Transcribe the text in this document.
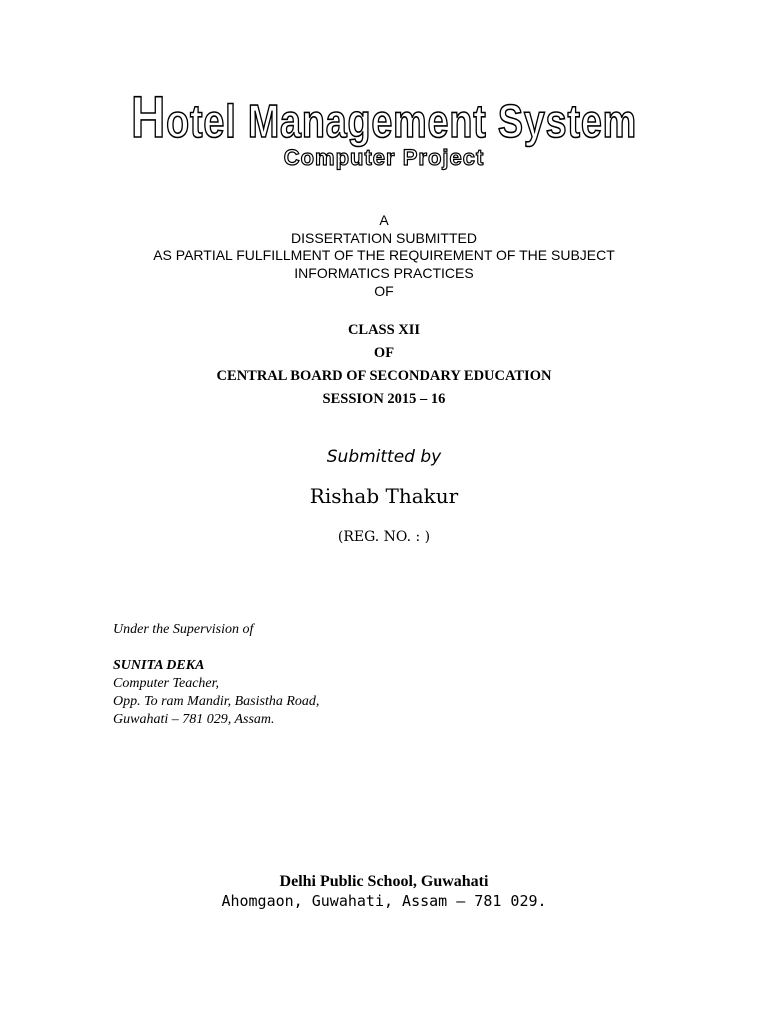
Hotel Management System
Computer Project
A
DISSERTATION SUBMITTED
AS PARTIAL FULFILLMENT OF THE REQUIREMENT OF THE SUBJECT
INFORMATICS PRACTICES
OF
CLASS XII
OF
CENTRAL BOARD OF SECONDARY EDUCATION
SESSION 2015 – 16
Submitted by
Rishab Thakur
(REG. NO. : )
Under the Supervision of
SUNITA DEKA
Computer Teacher,
Opp. To ram Mandir, Basistha Road,
Guwahati – 781 029, Assam.
Delhi Public School, Guwahati
Ahomgaon, Guwahati, Assam – 781 029.
